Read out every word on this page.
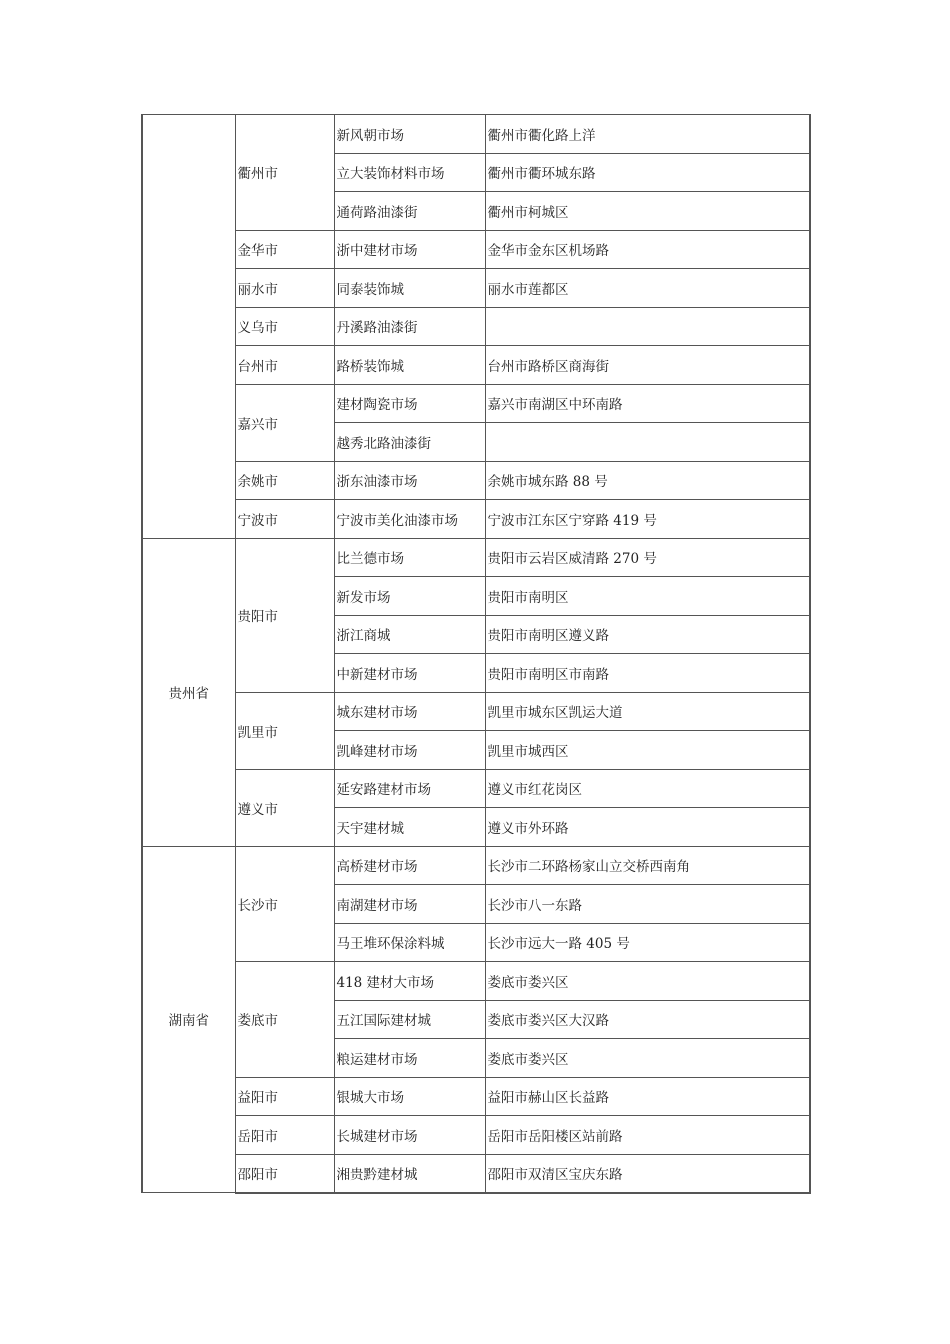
	衢州市	新风朝市场	衢州市衢化路上洋
		立大装饰材料市场	衢州市衢环城东路
		通荷路油漆街	衢州市柯城区
	金华市	浙中建材市场	金华市金东区机场路
	丽水市	同泰装饰城	丽水市莲都区
	义乌市	丹溪路油漆街	
	台州市	路桥装饰城	台州市路桥区商海街
	嘉兴市	建材陶瓷市场	嘉兴市南湖区中环南路
		越秀北路油漆街	
	余姚市	浙东油漆市场	余姚市城东路 88 号
	宁波市	宁波市美化油漆市场	宁波市江东区宁穿路 419 号
贵州省	贵阳市	比兰德市场	贵阳市云岩区威清路 270 号
		新发市场	贵阳市南明区
		浙江商城	贵阳市南明区遵义路
		中新建材市场	贵阳市南明区市南路
	凯里市	城东建材市场	凯里市城东区凯运大道
		凯峰建材市场	凯里市城西区
	遵义市	延安路建材市场	遵义市红花岗区
		天宇建材城	遵义市外环路
湖南省	长沙市	高桥建材市场	长沙市二环路杨家山立交桥西南角
		南湖建材市场	长沙市八一东路
		马王堆环保涂料城	长沙市远大一路 405 号
	娄底市	418 建材大市场	娄底市娄兴区
		五江国际建材城	娄底市娄兴区大汉路
		粮运建材市场	娄底市娄兴区
	益阳市	银城大市场	益阳市赫山区长益路
	岳阳市	长城建材市场	岳阳市岳阳楼区站前路
	邵阳市	湘贵黔建材城	邵阳市双清区宝庆东路
